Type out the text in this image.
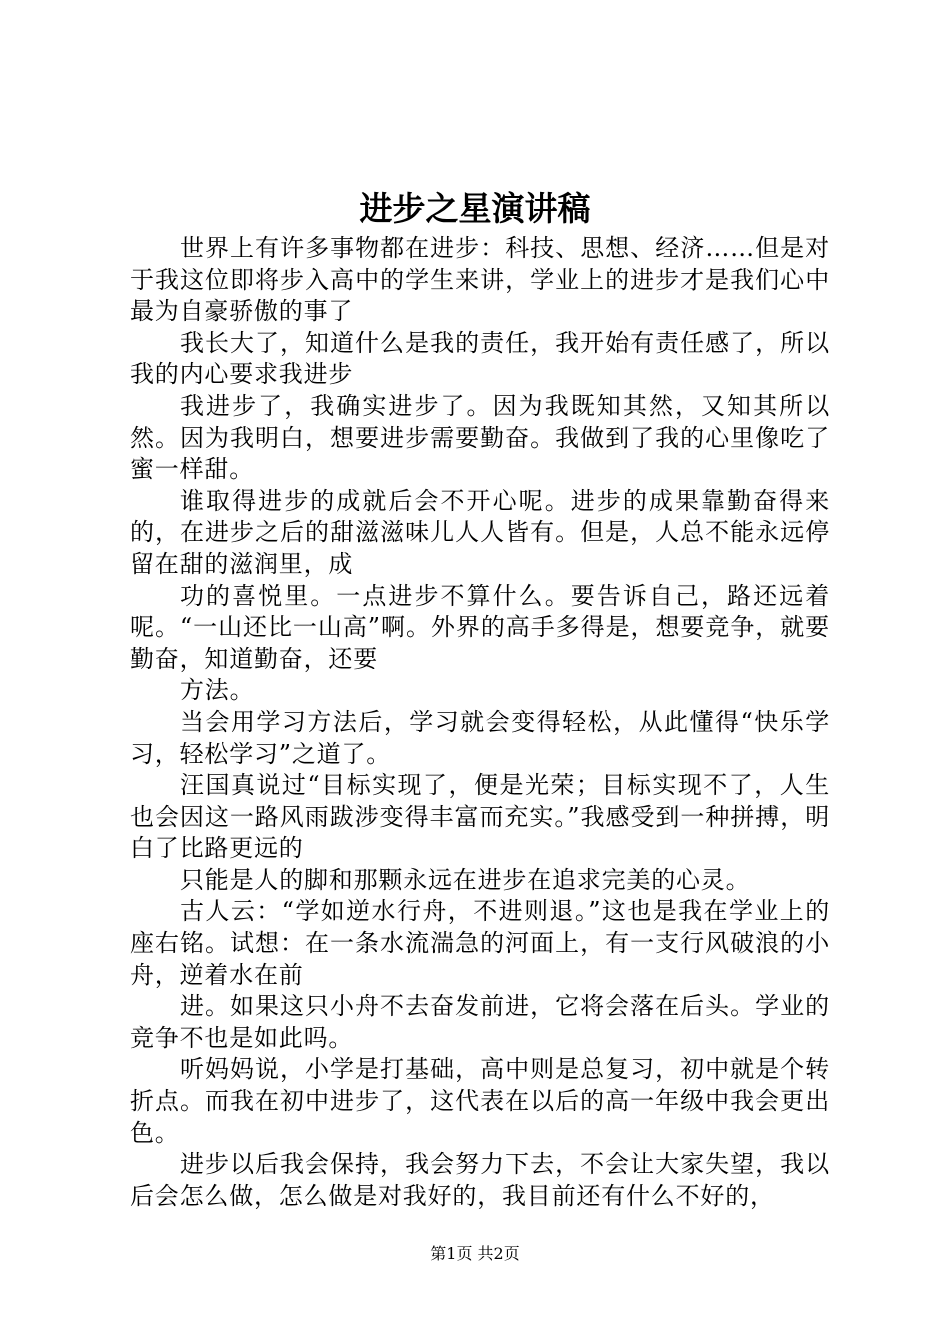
进步之星演讲稿

世界上有许多事物都在进步：科技、思想、经济……但是对于我这位即将步入高中的学生来讲，学业上的进步才是我们心中最为自豪骄傲的事了

我长大了，知道什么是我的责任，我开始有责任感了，所以我的内心要求我进步

我进步了，我确实进步了。因为我既知其然，又知其所以然。因为我明白，想要进步需要勤奋。我做到了我的心里像吃了蜜一样甜。

谁取得进步的成就后会不开心呢。进步的成果靠勤奋得来的，在进步之后的甜滋滋味儿人人皆有。但是，人总不能永远停留在甜的滋润里，成

功的喜悦里。一点进步不算什么。要告诉自己，路还远着呢。“一山还比一山高”啊。外界的高手多得是，想要竞争，就要勤奋，知道勤奋，还要

方法。

当会用学习方法后，学习就会变得轻松，从此懂得“快乐学习，轻松学习”之道了。

汪国真说过“目标实现了，便是光荣；目标实现不了，人生也会因这一路风雨跋涉变得丰富而充实。”我感受到一种拼搏，明白了比路更远的

只能是人的脚和那颗永远在进步在追求完美的心灵。

古人云：“学如逆水行舟，不进则退。”这也是我在学业上的座右铭。试想：在一条水流湍急的河面上，有一支行风破浪的小舟，逆着水在前

进。如果这只小舟不去奋发前进，它将会落在后头。学业的竞争不也是如此吗。

听妈妈说，小学是打基础，高中则是总复习，初中就是个转折点。而我在初中进步了，这代表在以后的高一年级中我会更出色。

进步以后我会保持，我会努力下去，不会让大家失望，我以后会怎么做，怎么做是对我好的，我目前还有什么不好的，

第1页 共2页
